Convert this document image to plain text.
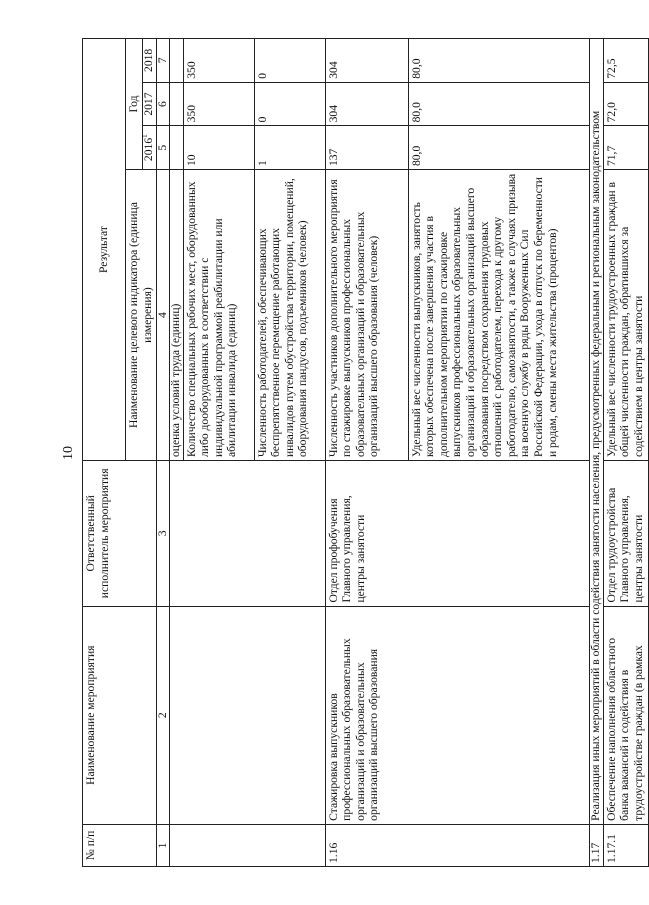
10
№ п/п	Наименование мероприятия	Ответственный исполнитель мероприятия	Результат			
			Наименование целевого индикатора (единица измерения)	Год		
				2016$^1$	2017	2018
1	2	3	4	5	6	7
			оценка условий труда (единиц)			
			Количество специальных рабочих мест, оборудованных либо дооборудованных в соответствии с индивидуальной программой реабилитации или абилитации инвалида (единиц)	10	350	350
			Численность работодателей, обеспечивающих беспрепятственное перемещение работающих инвалидов путем обустройства территории, помещений, оборудования пандусов, подъемников (человек)	1	0	0
1.16	Стажировка выпускников профессиональных образовательных организаций и образовательных организаций высшего образования	Отдел профобучения Главного управления, центры занятости	Численность участников дополнительного мероприятия по стажировке выпускников профессиональных образовательных организаций и образовательных организаций высшего образования (человек)	137	304	304
			Удельный вес численности выпускников, занятость которых обеспечена после завершения участия в дополнительном мероприятии по стажировке выпускников профессиональных образовательных организаций и образовательных организаций высшего образования посредством сохранения трудовых отношений с работодателем, перехода к другому работодателю, самозанятости, а также в случаях призыва на военную службу в ряды Вооруженных Сил Российской Федерации, ухода в отпуск по беременности и родам, смены места жительства (процентов)	80,0	80,0	80,0
1.17	Реализация иных мероприятий в области содействия занятости населения, предусмотренных федеральным и региональным законодательством					
1.17.1	Обеспечение наполнения областного банка вакансий и содействия в трудоустройстве граждан (в рамках	Отдел трудоустройства Главного управления, центры занятости	Удельный вес численности трудоустроенных граждан в общей численности граждан, обратившихся за содействием в центры занятости	71,7	72,0	72,5
